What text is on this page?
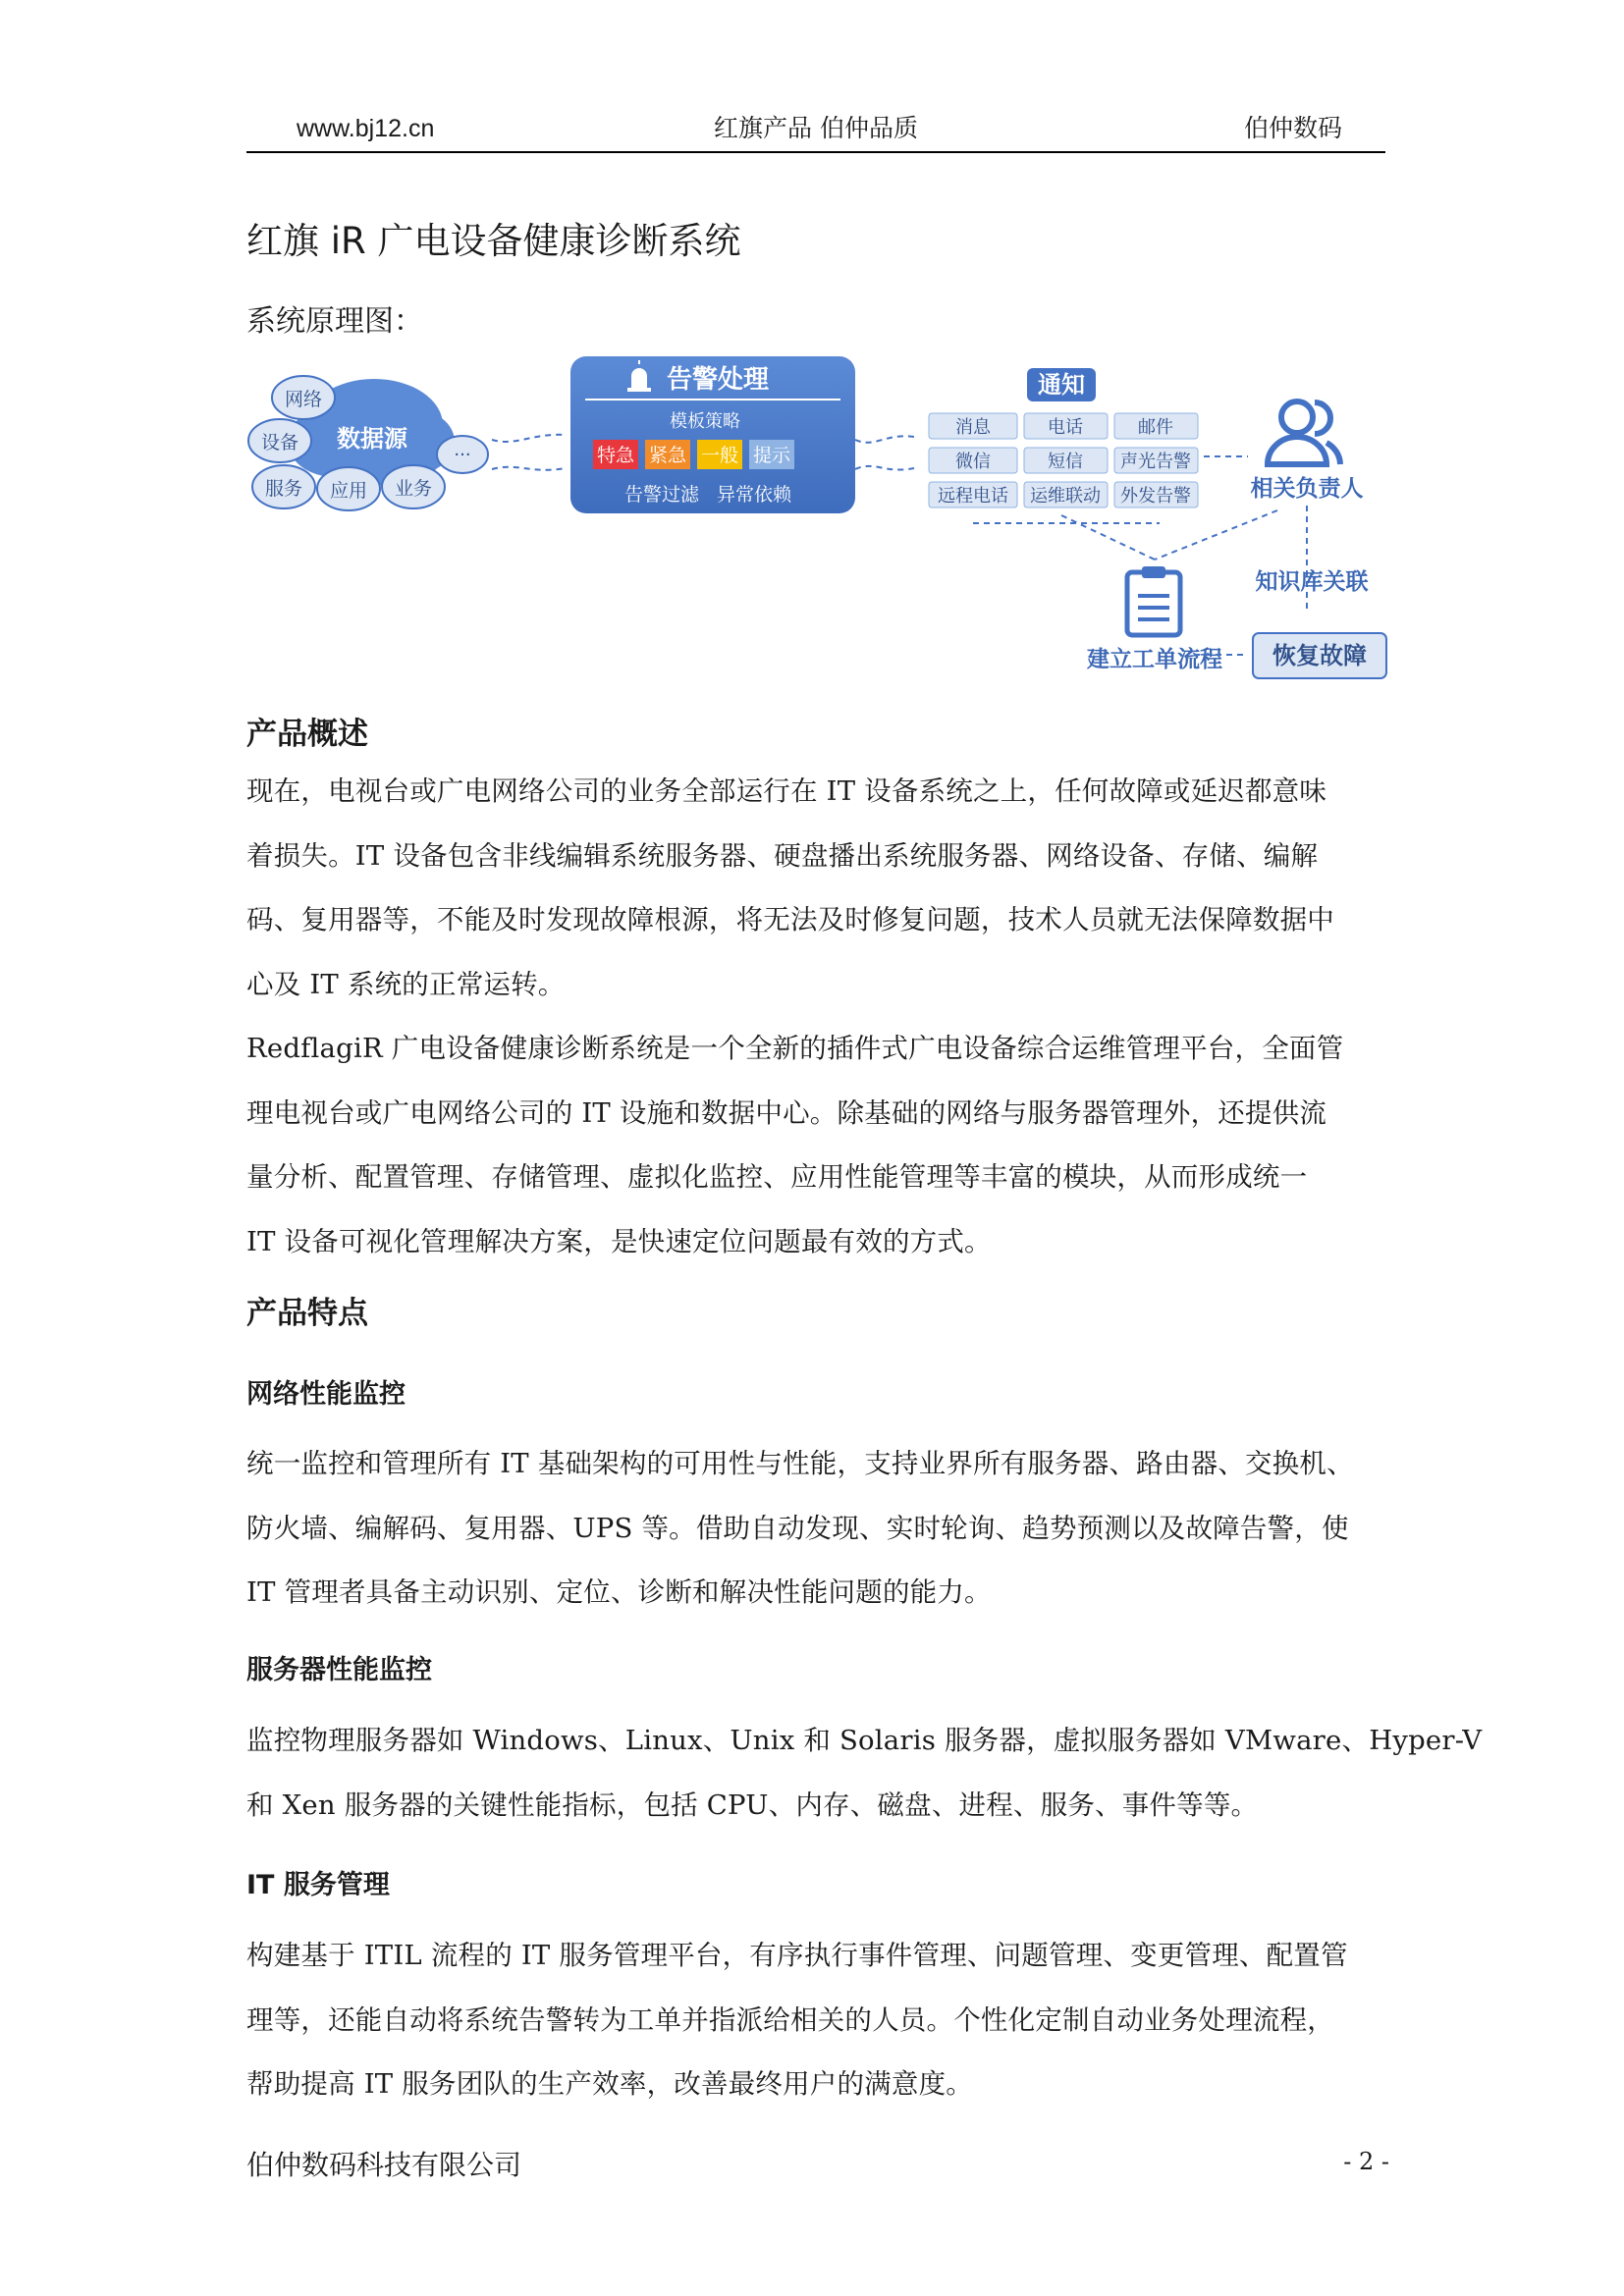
www.bj12.cn	红旗产品 伯仲品质	伯仲数码
红旗 iR 广电设备健康诊断系统
系统原理图：
数据源
网络
设备
服务 应用 业务
···
告警处理
模板策略
特急 紧急 一般 提示
告警过滤   异常依赖
通知
消息	电话	邮件
微信	短信 声光告警
远程电话 运维联动 外发告警	相关负责人
知识库关联
建立工单流程 恢复故障
产品概述
现在，电视台或广电网络公司的业务全部运行在 IT 设备系统之上，任何故障或延迟都意味
着损失。IT 设备包含非线编辑系统服务器、硬盘播出系统服务器、网络设备、存储、编解
码、复用器等，不能及时发现故障根源，将无法及时修复问题，技术人员就无法保障数据中
心及 IT 系统的正常运转。
RedflagiR 广电设备健康诊断系统是一个全新的插件式广电设备综合运维管理平台，全面管
理电视台或广电网络公司的 IT 设施和数据中心。除基础的网络与服务器管理外，还提供流
量分析、配置管理、存储管理、虚拟化监控、应用性能管理等丰富的模块，从而形成统一
IT 设备可视化管理解决方案，是快速定位问题最有效的方式。
产品特点
网络性能监控
统一监控和管理所有 IT 基础架构的可用性与性能，支持业界所有服务器、路由器、交换机、
防火墙、编解码、复用器、UPS 等。借助自动发现、实时轮询、趋势预测以及故障告警，使
IT 管理者具备主动识别、定位、诊断和解决性能问题的能力。
服务器性能监控
监控物理服务器如 Windows、Linux、Unix 和 Solaris 服务器，虚拟服务器如 VMware、Hyper-V
和 Xen 服务器的关键性能指标，包括 CPU、内存、磁盘、进程、服务、事件等等。
IT 服务管理
构建基于 ITIL 流程的 IT 服务管理平台，有序执行事件管理、问题管理、变更管理、配置管
理等，还能自动将系统告警转为工单并指派给相关的人员。个性化定制自动业务处理流程，
帮助提高 IT 服务团队的生产效率，改善最终用户的满意度。
伯仲数码科技有限公司	- 2 -
